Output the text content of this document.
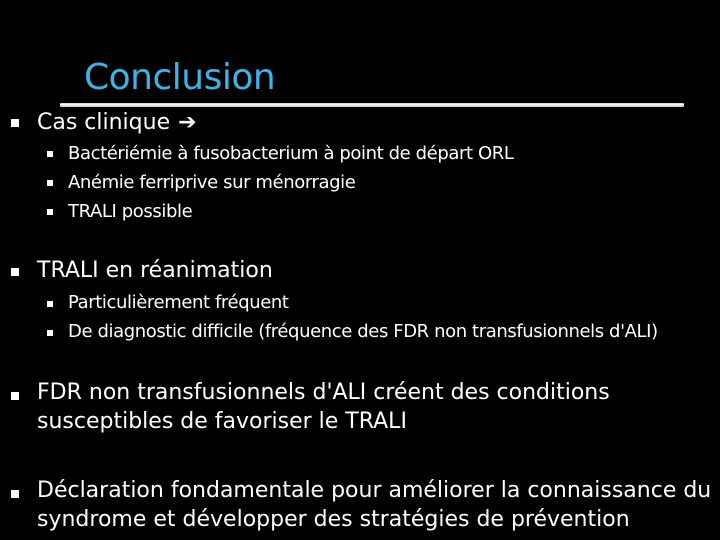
Conclusion
Cas clinique ➔
Bactériémie à fusobacterium à point de départ ORL
Anémie ferriprive sur ménorragie
TRALI possible
TRALI en réanimation
Particulièrement fréquent
De diagnostic difficile (fréquence des FDR non transfusionnels d'ALI)
FDR non transfusionnels d'ALI créent des conditions
susceptibles de favoriser le TRALI
Déclaration fondamentale pour améliorer la connaissance du
syndrome et développer des stratégies de prévention
